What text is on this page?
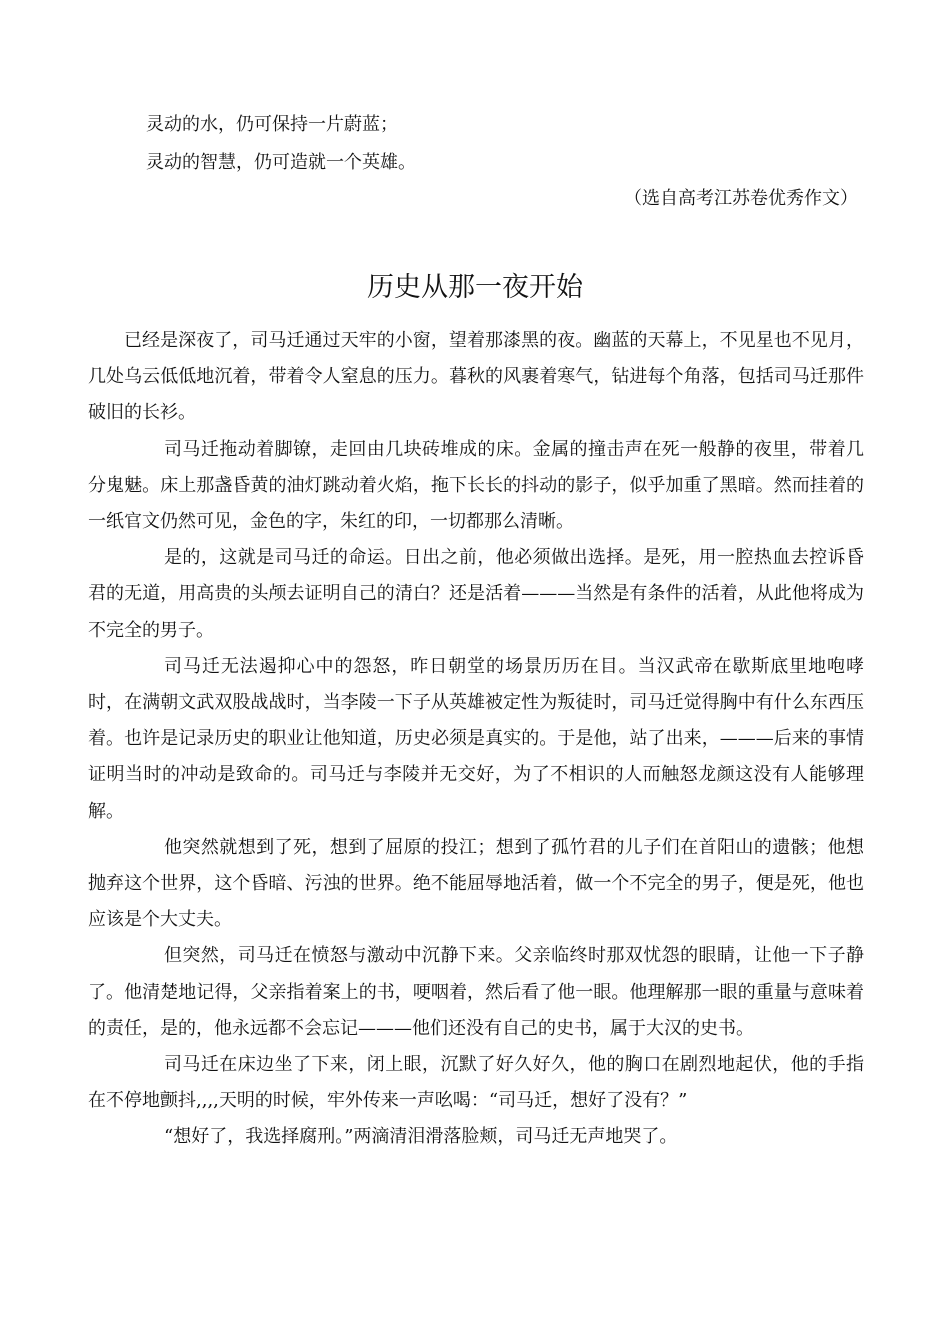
灵动的水，仍可保持一片蔚蓝；
灵动的智慧，仍可造就一个英雄。
（选自高考江苏卷优秀作文）
历史从那一夜开始

已经是深夜了，司马迁通过天牢的小窗，望着那漆黑的夜。幽蓝的天幕上，不见星也不见月，几处乌云低低地沉着，带着令人窒息的压力。暮秋的风裹着寒气，钻进每个角落，包括司马迁那件破旧的长衫。

司马迁拖动着脚镣，走回由几块砖堆成的床。金属的撞击声在死一般静的夜里，带着几分鬼魅。床上那盏昏黄的油灯跳动着火焰，拖下长长的抖动的影子，似乎加重了黑暗。然而挂着的一纸官文仍然可见，金色的字，朱红的印，一切都那么清晰。

是的，这就是司马迁的命运。日出之前，他必须做出选择。是死，用一腔热血去控诉昏君的无道，用高贵的头颅去证明自己的清白？还是活着———当然是有条件的活着，从此他将成为不完全的男子。

司马迁无法遏抑心中的怨怒，昨日朝堂的场景历历在目。当汉武帝在歇斯底里地咆哮时，在满朝文武双股战战时，当李陵一下子从英雄被定性为叛徒时，司马迁觉得胸中有什么东西压着。也许是记录历史的职业让他知道，历史必须是真实的。于是他，站了出来，———后来的事情证明当时的冲动是致命的。司马迁与李陵并无交好，为了不相识的人而触怒龙颜这没有人能够理解。

他突然就想到了死，想到了屈原的投江；想到了孤竹君的儿子们在首阳山的遗骸；他想抛弃这个世界，这个昏暗、污浊的世界。绝不能屈辱地活着，做一个不完全的男子，便是死，他也应该是个大丈夫。

但突然，司马迁在愤怒与激动中沉静下来。父亲临终时那双忧怨的眼睛，让他一下子静了。他清楚地记得，父亲指着案上的书，哽咽着，然后看了他一眼。他理解那一眼的重量与意味着的责任，是的，他永远都不会忘记———他们还没有自己的史书，属于大汉的史书。

司马迁在床边坐了下来，闭上眼，沉默了好久好久，他的胸口在剧烈地起伏，他的手指在不停地颤抖,,,,天明的时候，牢外传来一声吆喝：“司马迁，想好了没有？”

“想好了，我选择腐刑。”两滴清泪滑落脸颊，司马迁无声地哭了。
